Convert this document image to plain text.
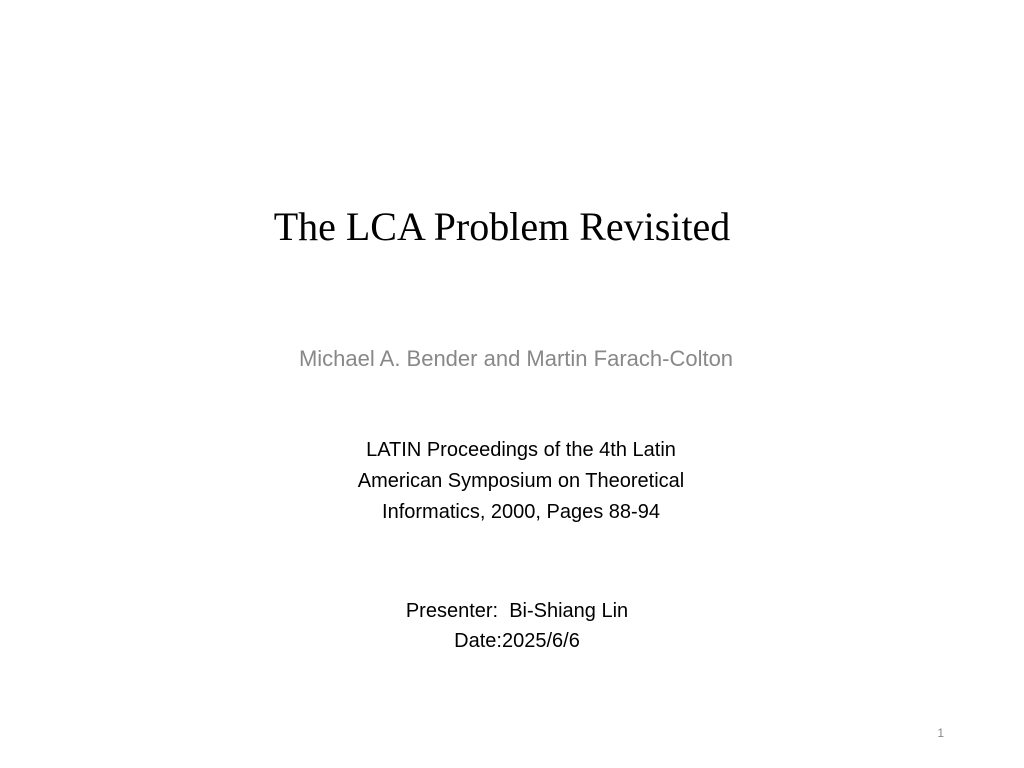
The LCA Problem Revisited
Michael A. Bender and Martin Farach-Colton
LATIN Proceedings of the 4th Latin
American Symposium on Theoretical
Informatics, 2000, Pages 88-94
Presenter:  Bi-Shiang Lin
Date:2025/6/6
1
